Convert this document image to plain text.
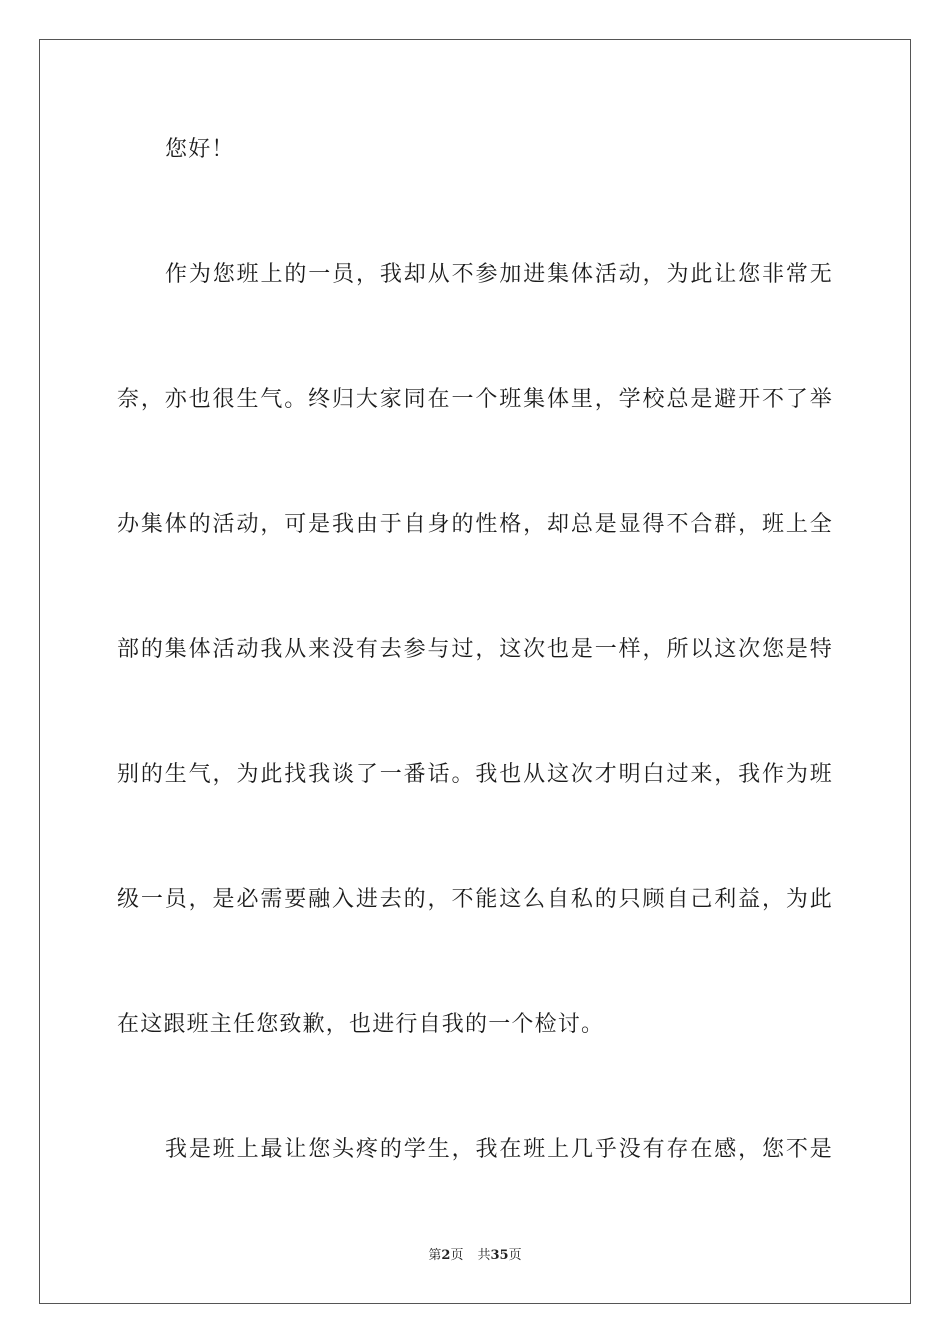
您好！
作为您班上的一员，我却从不参加进集体活动，为此让您非常无
奈，亦也很生气。终归大家同在一个班集体里，学校总是避开不了举
办集体的活动，可是我由于自身的性格，却总是显得不合群，班上全
部的集体活动我从来没有去参与过，这次也是一样，所以这次您是特
别的生气，为此找我谈了一番话。我也从这次才明白过来，我作为班
级一员，是必需要融入进去的，不能这么自私的只顾自己利益，为此
在这跟班主任您致歉，也进行自我的一个检讨。
我是班上最让您头疼的学生，我在班上几乎没有存在感，您不是
第2页 共35页
